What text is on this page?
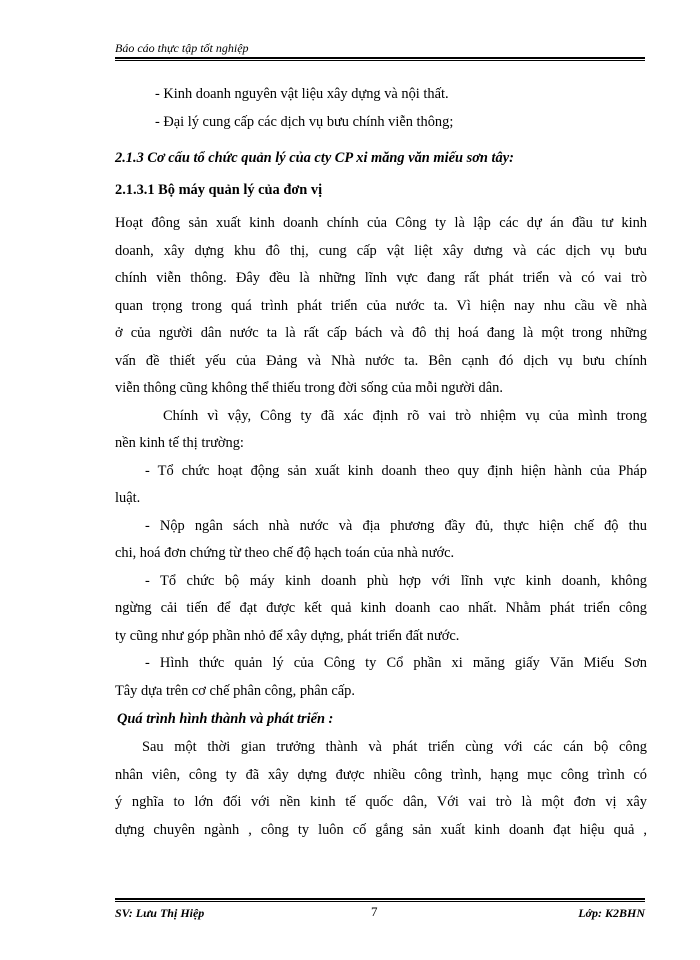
Báo cáo thực tập tốt nghiệp
- Kinh doanh nguyên vật liệu xây dựng và nội thất.
- Đại lý cung cấp các dịch vụ bưu chính viễn thông;
2.1.3 Cơ cấu tổ chức quản lý của cty CP xi măng văn miếu sơn tây:
2.1.3.1 Bộ máy quản lý của đơn vị
Hoạt đông sản xuất kinh doanh chính của Công ty là lập các dự án đầu tư kinh
doanh, xây dựng khu đô thị, cung cấp vật liệt xây dưng và các dịch vụ bưu
chính viễn thông. Đây đều là những lĩnh vực đang rất phát triển và có vai trò
quan trọng trong quá trình phát triển của nước ta. Vì hiện nay nhu cầu về nhà
ở của người dân nước ta là rất cấp bách và đô thị hoá đang là một trong những
vấn đề thiết yếu của Đảng và Nhà nước ta. Bên cạnh đó dịch vụ bưu chính
viễn thông cũng không thể thiếu trong đời sống của mỗi người dân.
Chính vì vậy, Công ty đã xác định rõ vai trò nhiệm vụ của mình trong
nền kinh tế thị trường:
- Tổ chức hoạt động sản xuất kinh doanh theo quy định hiện hành của Pháp
luật.
- Nộp ngân sách nhà nước và địa phương đầy đủ, thực hiện chế độ thu
chi, hoá đơn chứng từ theo chế độ hạch toán của nhà nước.
- Tổ chức bộ máy kinh doanh phù hợp với lĩnh vực kinh doanh, không
ngừng cải tiến để đạt được kết quả kinh doanh cao nhất. Nhằm phát triển công
ty cũng như góp phần nhỏ để xây dựng, phát triển đất nước.
- Hình thức quản lý của Công ty Cổ phần xi măng giấy Văn Miếu Sơn
Tây dựa trên cơ chế phân công, phân cấp.
Quá trình hình thành và phát triển :
Sau một thời gian trưởng thành và phát triển cùng với các cán bộ công
nhân viên, công ty đã xây dựng được nhiều công trình, hạng mục công trình có
ý nghĩa to lớn đối với nền kinh tế quốc dân, Với vai trò là một đơn vị xây
dựng chuyên ngành , công ty luôn cố gắng sản xuất kinh doanh đạt hiệu quả ,
SV: Lưu Thị Hiệp	7	Lớp: K2BHN
